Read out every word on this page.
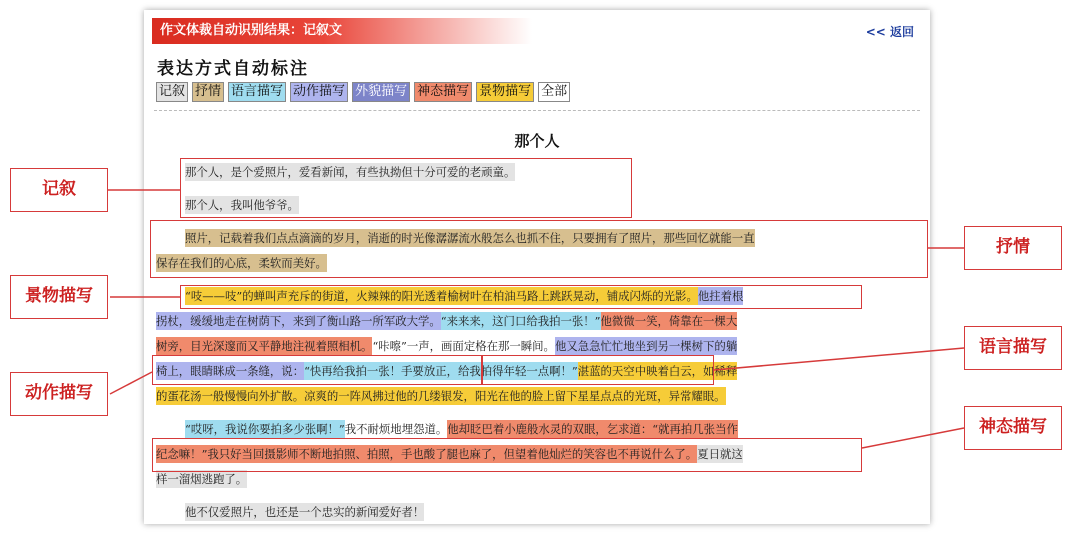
作文体裁自动识别结果：记叙文	<< 返回
表达方式自动标注
记叙 抒情 语言描写 动作描写 外貌描写 神态描写 景物描写 全部
那个人
那个人，是个爱照片，爱看新闻，有些执拗但十分可爱的老顽童。
那个人，我叫他爷爷。
照片，记载着我们点点滴滴的岁月，消逝的时光像潺潺流水般怎么也抓不住，只要拥有了照片，那些回忆就能一直
保存在我们的心底，柔软而美好。
“吱——吱”的蝉叫声充斥的街道，火辣辣的阳光透着榆树叶在柏油马路上跳跃晃动，铺成闪烁的光影。他拄着根
拐杖，缓缓地走在树荫下，来到了衡山路一所军政大学。“来来来，这门口给我拍一张！”他微微一笑，倚靠在一棵大
树旁，目光深邃而又平静地注视着照相机。“咔嚓”一声，画面定格在那一瞬间。他又急急忙忙地坐到另一棵树下的躺
椅上，眼睛眯成一条缝，说：“快再给我拍一张！手要放正，给我拍得年轻一点啊！”湛蓝的天空中映着白云，如稀释
的蛋花汤一般慢慢向外扩散。凉爽的一阵风拂过他的几缕银发，阳光在他的脸上留下星星点点的光斑，异常耀眼。
“哎呀，我说你要拍多少张啊！”我不耐烦地埋怨道。他却眨巴着小鹿般水灵的双眼，乞求道：“就再拍几张当作
纪念嘛！”我只好当回摄影师不断地拍照、拍照，手也酸了腿也麻了，但望着他灿烂的笑容也不再说什么了。夏日就这
样一溜烟逃跑了。
他不仅爱照片，也还是一个忠实的新闻爱好者！
记叙
抒情
景物描写
语言描写
动作描写
神态描写
